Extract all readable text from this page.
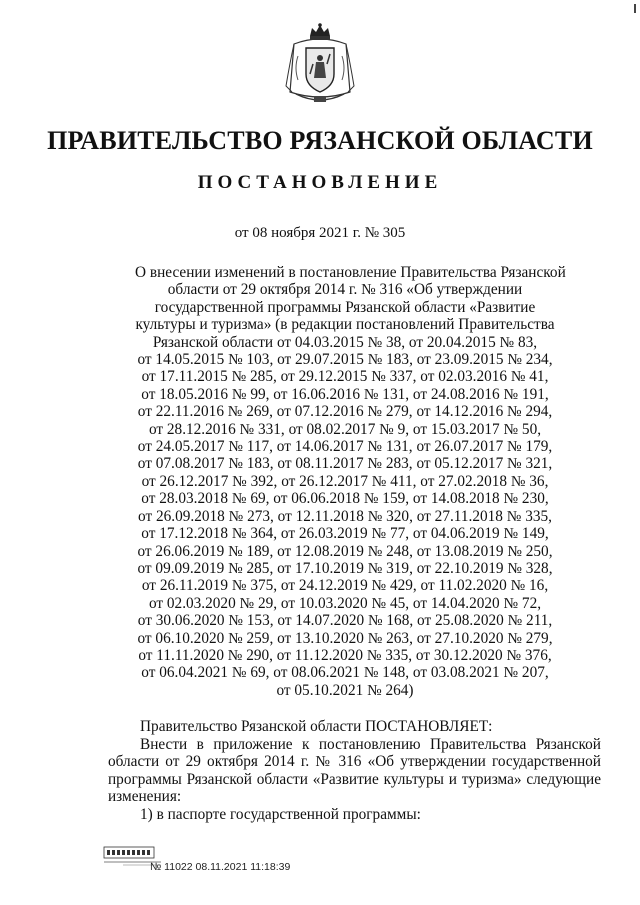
ПРАВИТЕЛЬСТВО РЯЗАНСКОЙ ОБЛАСТИ
ПОСТАНОВЛЕНИЕ
от 08 ноября 2021 г. № 305
О внесении изменений в постановление Правительства Рязанской
области от 29 октября 2014 г. № 316 «Об утверждении
государственной программы Рязанской области «Развитие
культуры и туризма» (в редакции постановлений Правительства
Рязанской области от 04.03.2015 № 38, от 20.04.2015 № 83,
от 14.05.2015 № 103, от 29.07.2015 № 183, от 23.09.2015 № 234,
от 17.11.2015 № 285, от 29.12.2015 № 337, от 02.03.2016 № 41,
от 18.05.2016 № 99, от 16.06.2016 № 131, от 24.08.2016 № 191,
от 22.11.2016 № 269, от 07.12.2016 № 279, от 14.12.2016 № 294,
от 28.12.2016 № 331, от 08.02.2017 № 9, от 15.03.2017 № 50,
от 24.05.2017 № 117, от 14.06.2017 № 131, от 26.07.2017 № 179,
от 07.08.2017 № 183, от 08.11.2017 № 283, от 05.12.2017 № 321,
от 26.12.2017 № 392, от 26.12.2017 № 411, от 27.02.2018 № 36,
от 28.03.2018 № 69, от 06.06.2018 № 159, от 14.08.2018 № 230,
от 26.09.2018 № 273, от 12.11.2018 № 320, от 27.11.2018 № 335,
от 17.12.2018 № 364, от 26.03.2019 № 77, от 04.06.2019 № 149,
от 26.06.2019 № 189, от 12.08.2019 № 248, от 13.08.2019 № 250,
от 09.09.2019 № 285, от 17.10.2019 № 319, от 22.10.2019 № 328,
от 26.11.2019 № 375, от 24.12.2019 № 429, от 11.02.2020 № 16,
от 02.03.2020 № 29, от 10.03.2020 № 45, от 14.04.2020 № 72,
от 30.06.2020 № 153, от 14.07.2020 № 168, от 25.08.2020 № 211,
от 06.10.2020 № 259, от 13.10.2020 № 263, от 27.10.2020 № 279,
от 11.11.2020 № 290, от 11.12.2020 № 335, от 30.12.2020 № 376,
от 06.04.2021 № 69, от 08.06.2021 № 148, от 03.08.2021 № 207,
от 05.10.2021 № 264)

Правительство Рязанской области ПОСТАНОВЛЯЕТ:

Внести в приложение к постановлению Правительства Рязанской области от 29 октября 2014 г. № 316 «Об утверждении государственной программы Рязанской области «Развитие культуры и туризма» следующие изменения:

1) в паспорте государственной программы:

№ 11022 08.11.2021 11:18:39
